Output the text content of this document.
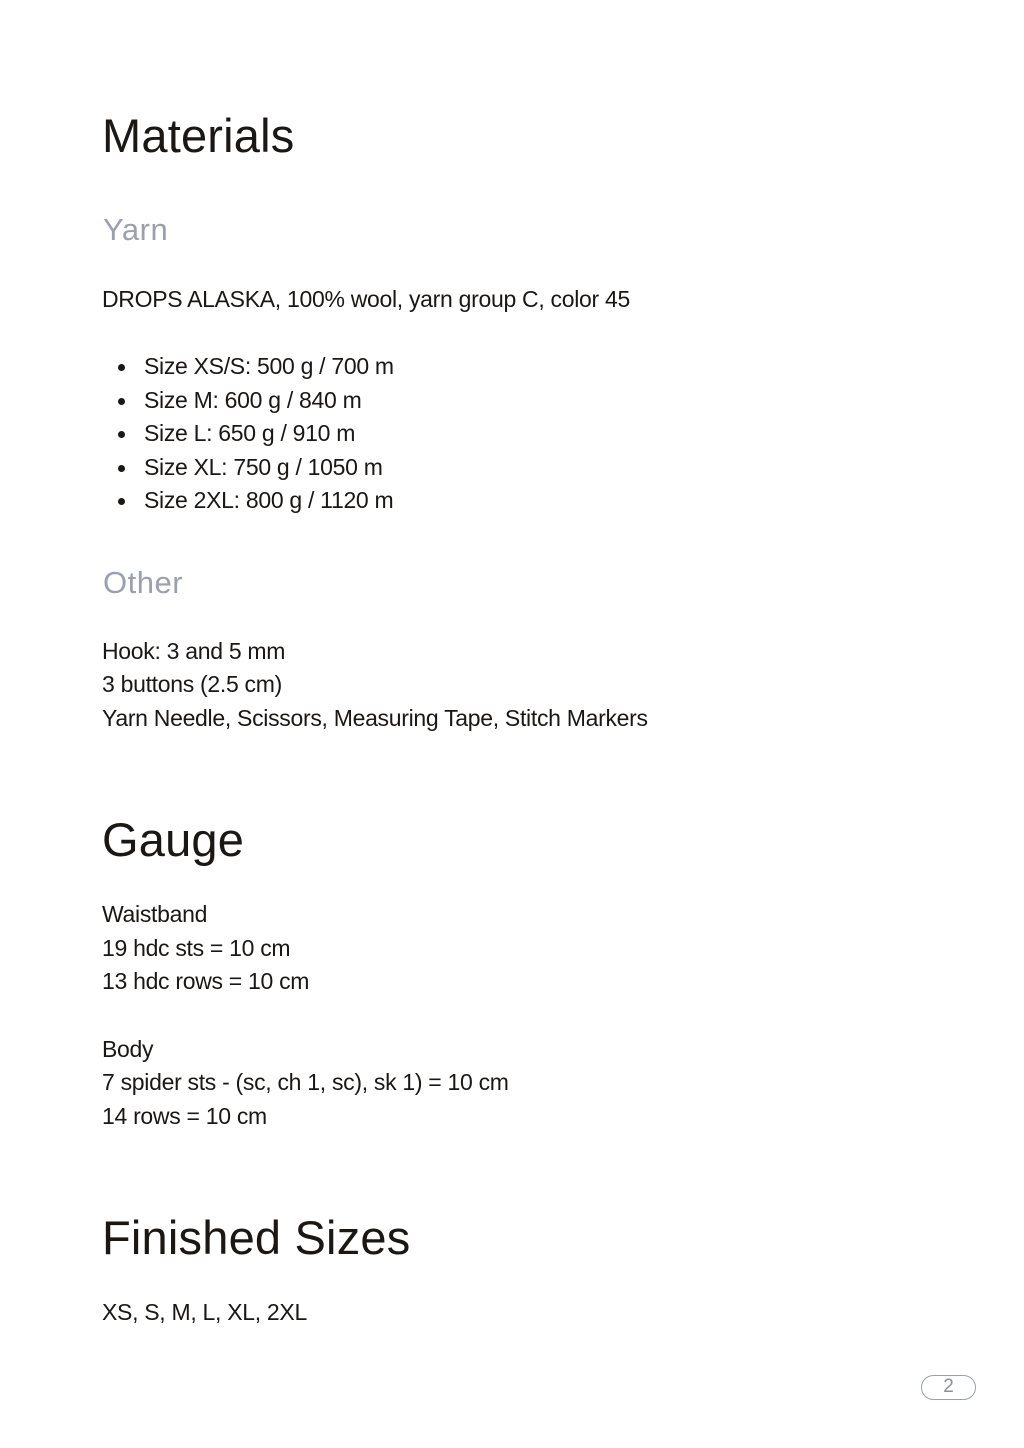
Materials
Yarn

DROPS ALASKA, 100% wool, yarn group C, color 45

Size XS/S: 500 g / 700 m
Size M: 600 g / 840 m
Size L: 650 g / 910 m
Size XL: 750 g / 1050 m
Size 2XL: 800 g / 1120 m
Other

Hook: 3 and 5 mm

3 buttons (2.5 cm)

Yarn Needle, Scissors, Measuring Tape, Stitch Markers

Gauge

Waistband

19 hdc sts = 10 cm

13 hdc rows = 10 cm

Body

7 spider sts - (sc, ch 1, sc), sk 1) = 10 cm

14 rows = 10 cm

Finished Sizes

XS, S, M, L, XL, 2XL

2
